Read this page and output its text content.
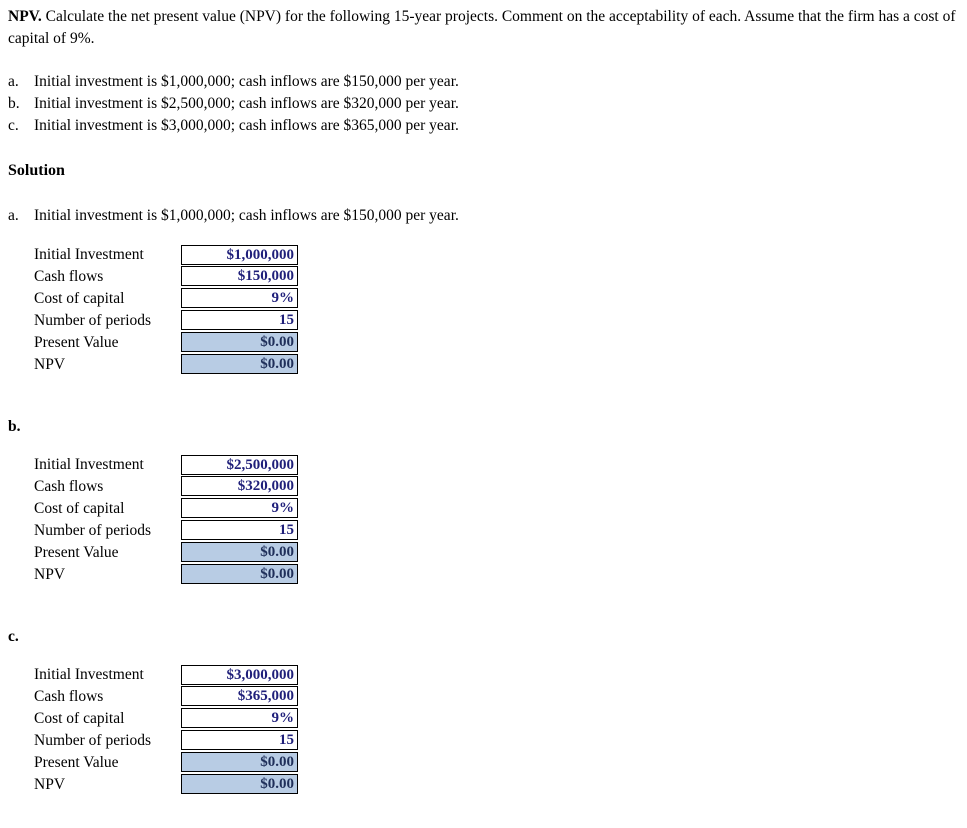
NPV. Calculate the net present value (NPV) for the following 15-year projects. Comment on the acceptability of each. Assume that the firm has a cost of capital of 9%.
a. Initial investment is $1,000,000; cash inflows are $150,000 per year.
b. Initial investment is $2,500,000; cash inflows are $320,000 per year.
c. Initial investment is $3,000,000; cash inflows are $365,000 per year.
Solution
a. Initial investment is $1,000,000; cash inflows are $150,000 per year.
Initial Investment
Cash flows
Cost of capital
Number of periods
Present Value
NPV
$1,000,000
$150,000
9%
15
$0.00
$0.00
b.
Initial Investment
Cash flows
Cost of capital
Number of periods
Present Value
NPV
$2,500,000
$320,000
9%
15
$0.00
$0.00
c.
Initial Investment
Cash flows
Cost of capital
Number of periods
Present Value
NPV
$3,000,000
$365,000
9%
15
$0.00
$0.00
